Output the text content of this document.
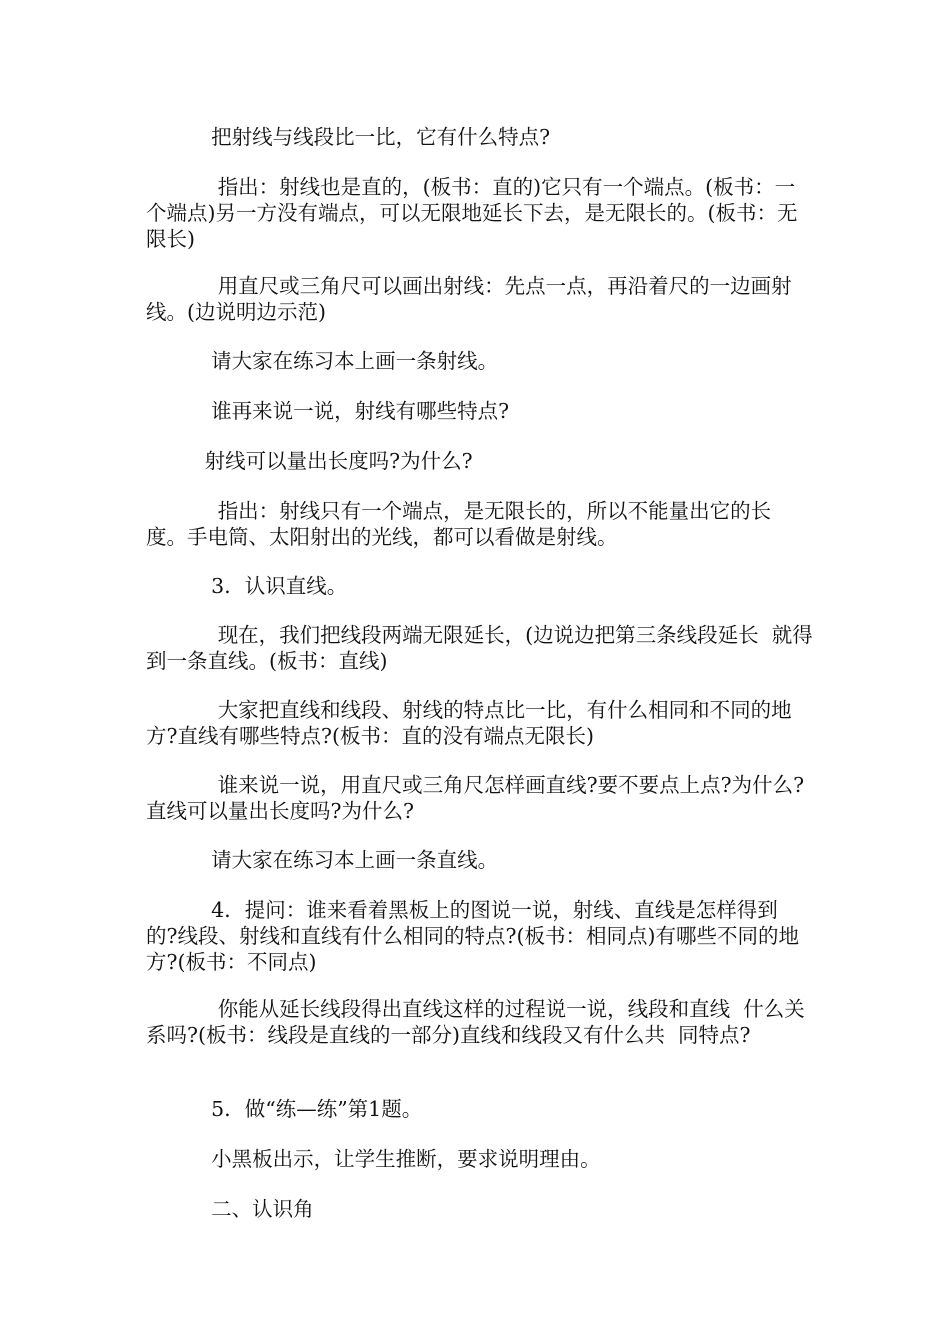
把射线与线段比一比，它有什么特点?

指出：射线也是直的，(板书：直的)它只有一个端点。(板书：一个端点)另一方没有端点，可以无限地延长下去，是无限长的。(板书：无限长)

用直尺或三角尺可以画出射线：先点一点，再沿着尺的一边画射线。(边说明边示范)

请大家在练习本上画一条射线。

谁再来说一说，射线有哪些特点?

射线可以量出长度吗?为什么?

指出：射线只有一个端点，是无限长的，所以不能量出它的长  度。手电筒、太阳射出的光线，都可以看做是射线。

3．认识直线。

现在，我们把线段两端无限延长，(边说边把第三条线段延长  就得到一条直线。(板书：直线)

大家把直线和线段、射线的特点比一比，有什么相同和不同的地方?直线有哪些特点?(板书：直的没有端点无限长)

谁来说一说，用直尺或三角尺怎样画直线?要不要点上点?为什么?直线可以量出长度吗?为什么?

请大家在练习本上画一条直线。

4．提问：谁来看着黑板上的图说一说，射线、直线是怎样得到  的?线段、射线和直线有什么相同的特点?(板书：相同点)有哪些不同的地方?(板书：不同点)

你能从延长线段得出直线这样的过程说一说，线段和直线  什么关系吗?(板书：线段是直线的一部分)直线和线段又有什么共  同特点?

5．做“练—练”第1题。

小黑板出示，让学生推断，要求说明理由。

二、认识角
